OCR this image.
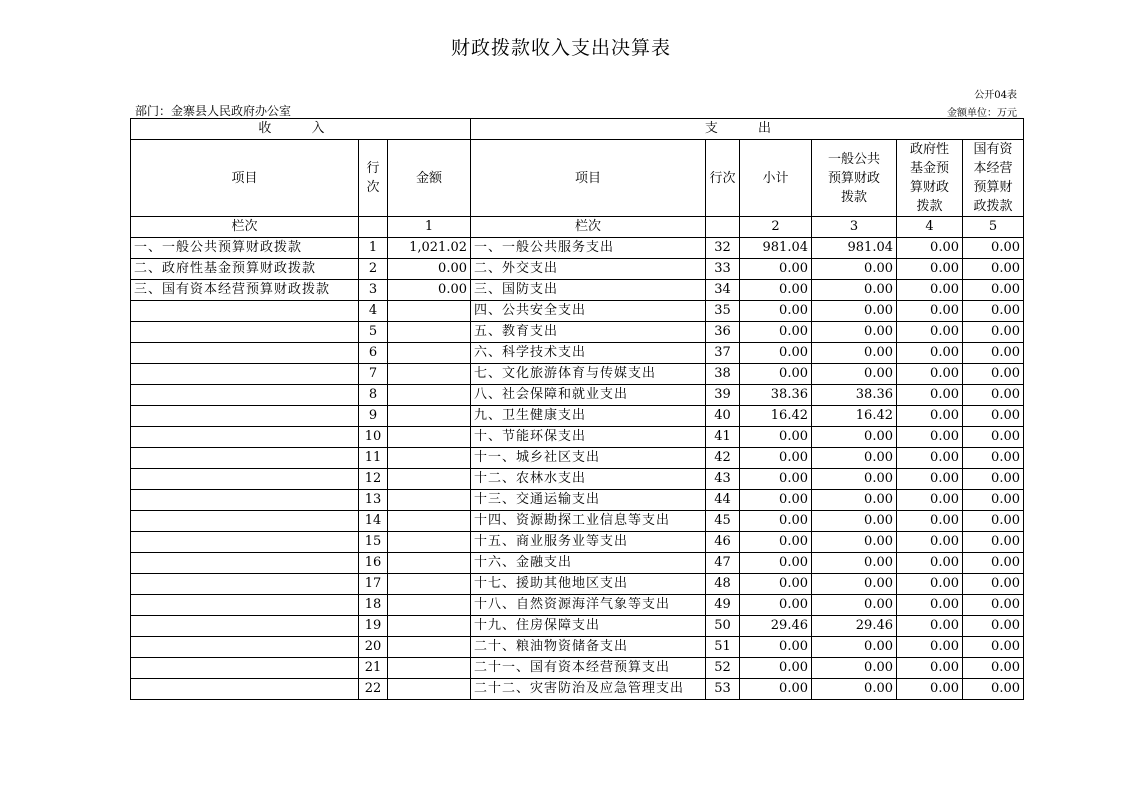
财政拨款收入支出决算表
公开04表
部门：金寨县人民政府办公室	金额单位：万元
收 入			支 出					
项目	行次	金额	项目	行次	小计	一般公共预算财政拨款	政府性基金预算财政拨款	国有资本经营预算财政拨款
栏次		1	栏次		2	3	4	5
一、一般公共预算财政拨款	1	1,021.02	一、一般公共服务支出	32	981.04	981.04	0.00	0.00
二、政府性基金预算财政拨款	2	0.00	二、外交支出	33	0.00	0.00	0.00	0.00
三、国有资本经营预算财政拨款	3	0.00	三、国防支出	34	0.00	0.00	0.00	0.00
	4		四、公共安全支出	35	0.00	0.00	0.00	0.00
	5		五、教育支出	36	0.00	0.00	0.00	0.00
	6		六、科学技术支出	37	0.00	0.00	0.00	0.00
	7		七、文化旅游体育与传媒支出	38	0.00	0.00	0.00	0.00
	8		八、社会保障和就业支出	39	38.36	38.36	0.00	0.00
	9		九、卫生健康支出	40	16.42	16.42	0.00	0.00
	10		十、节能环保支出	41	0.00	0.00	0.00	0.00
	11		十一、城乡社区支出	42	0.00	0.00	0.00	0.00
	12		十二、农林水支出	43	0.00	0.00	0.00	0.00
	13		十三、交通运输支出	44	0.00	0.00	0.00	0.00
	14		十四、资源勘探工业信息等支出	45	0.00	0.00	0.00	0.00
	15		十五、商业服务业等支出	46	0.00	0.00	0.00	0.00
	16		十六、金融支出	47	0.00	0.00	0.00	0.00
	17		十七、援助其他地区支出	48	0.00	0.00	0.00	0.00
	18		十八、自然资源海洋气象等支出	49	0.00	0.00	0.00	0.00
	19		十九、住房保障支出	50	29.46	29.46	0.00	0.00
	20		二十、粮油物资储备支出	51	0.00	0.00	0.00	0.00
	21		二十一、国有资本经营预算支出	52	0.00	0.00	0.00	0.00
	22		二十二、灾害防治及应急管理支出	53	0.00	0.00	0.00	0.00
